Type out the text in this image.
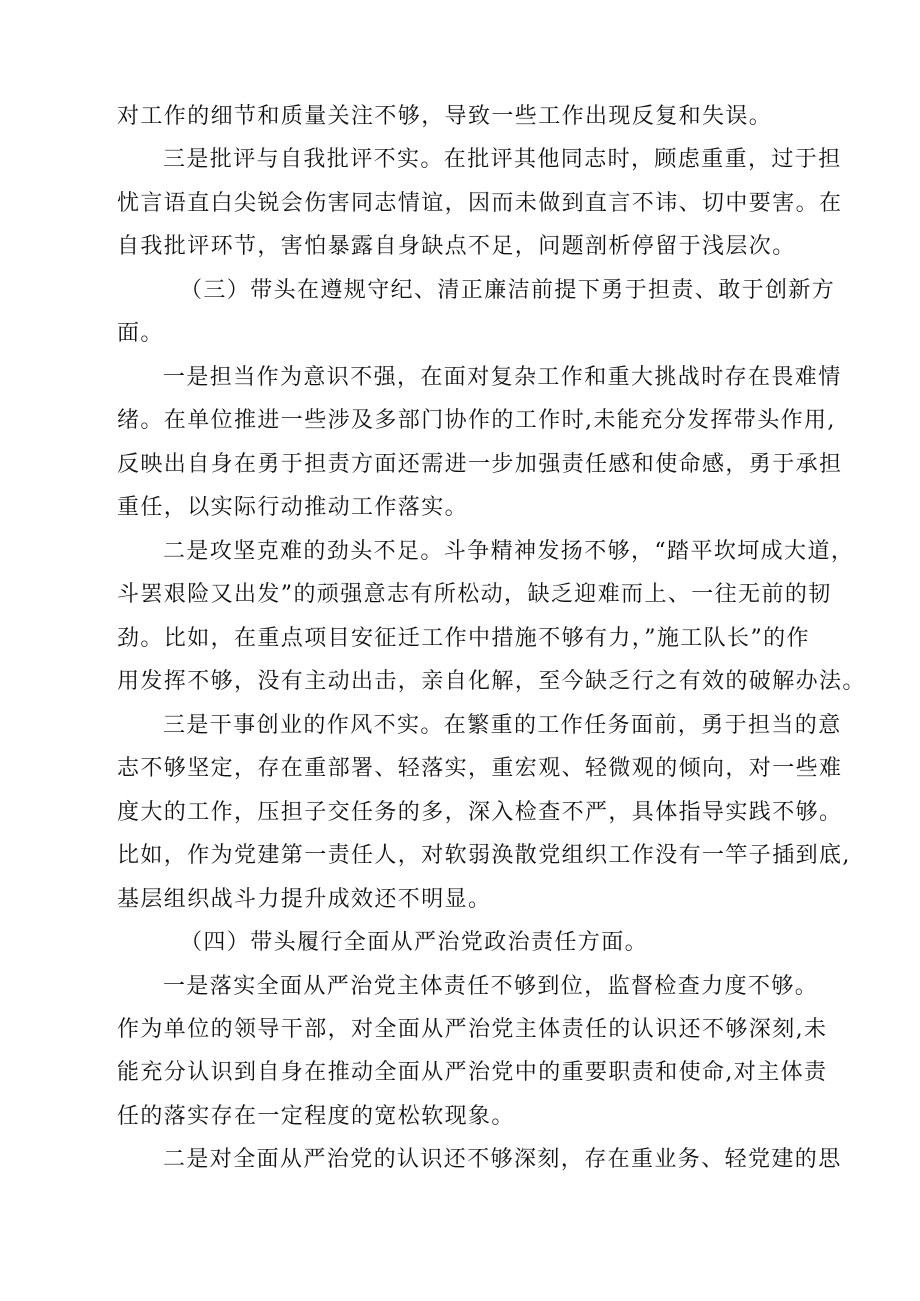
对工作的细节和质量关注不够，导致一些工作出现反复和失误。
三是批评与自我批评不实。在批评其他同志时，顾虑重重，过于担
忧言语直白尖锐会伤害同志情谊，因而未做到直言不讳、切中要害。在
自我批评环节，害怕暴露自身缺点不足，问题剖析停留于浅层次。
（三）带头在遵规守纪、清正廉洁前提下勇于担责、敢于创新方
面。
一是担当作为意识不强，在面对复杂工作和重大挑战时存在畏难情
绪。在单位推进一些涉及多部门协作的工作时,未能充分发挥带头作用,
反映出自身在勇于担责方面还需进一步加强责任感和使命感，勇于承担
重任，以实际行动推动工作落实。
二是攻坚克难的劲头不足。斗争精神发扬不够，“踏平坎坷成大道，
斗罢艰险又出发”的顽强意志有所松动，缺乏迎难而上、一往无前的韧
劲。比如，在重点项目安征迁工作中措施不够有力，”施工队长”的作
用发挥不够，没有主动出击，亲自化解，至今缺乏行之有效的破解办法。
三是干事创业的作风不实。在繁重的工作任务面前，勇于担当的意
志不够坚定，存在重部署、轻落实，重宏观、轻微观的倾向，对一些难
度大的工作，压担子交任务的多，深入检查不严，具体指导实践不够。
比如，作为党建第一责任人，对软弱涣散党组织工作没有一竿子插到底,
基层组织战斗力提升成效还不明显。
（四）带头履行全面从严治党政治责任方面。
一是落实全面从严治党主体责任不够到位，监督检查力度不够。
作为单位的领导干部，对全面从严治党主体责任的认识还不够深刻,未
能充分认识到自身在推动全面从严治党中的重要职责和使命,对主体责
任的落实存在一定程度的宽松软现象。
二是对全面从严治党的认识还不够深刻，存在重业务、轻党建的思
